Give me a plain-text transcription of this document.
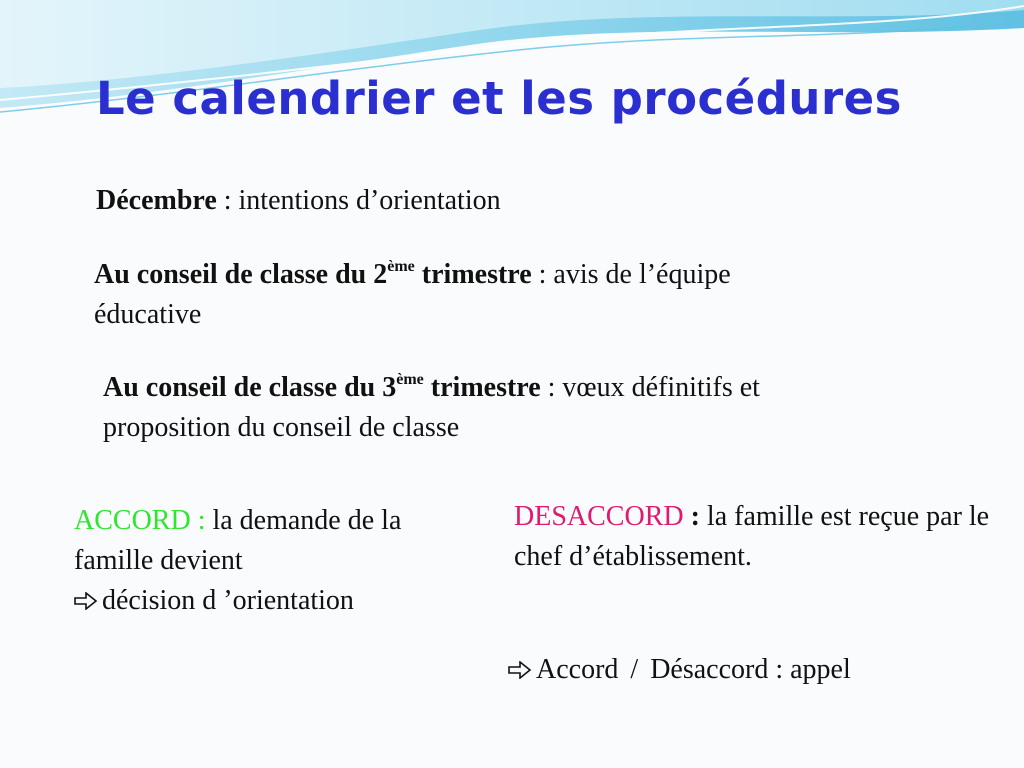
Le calendrier et les procédures

Décembre : intentions d’orientation

Au conseil de classe du 2ème trimestre : avis de l’équipe éducative

Au conseil de classe du 3ème trimestre : vœux définitifs et proposition du conseil de classe

ACCORD : la demande de la famille devient
décision d ’orientation

DESACCORD : la famille est reçue par le chef d’établissement.

Accord / Désaccord : appel
